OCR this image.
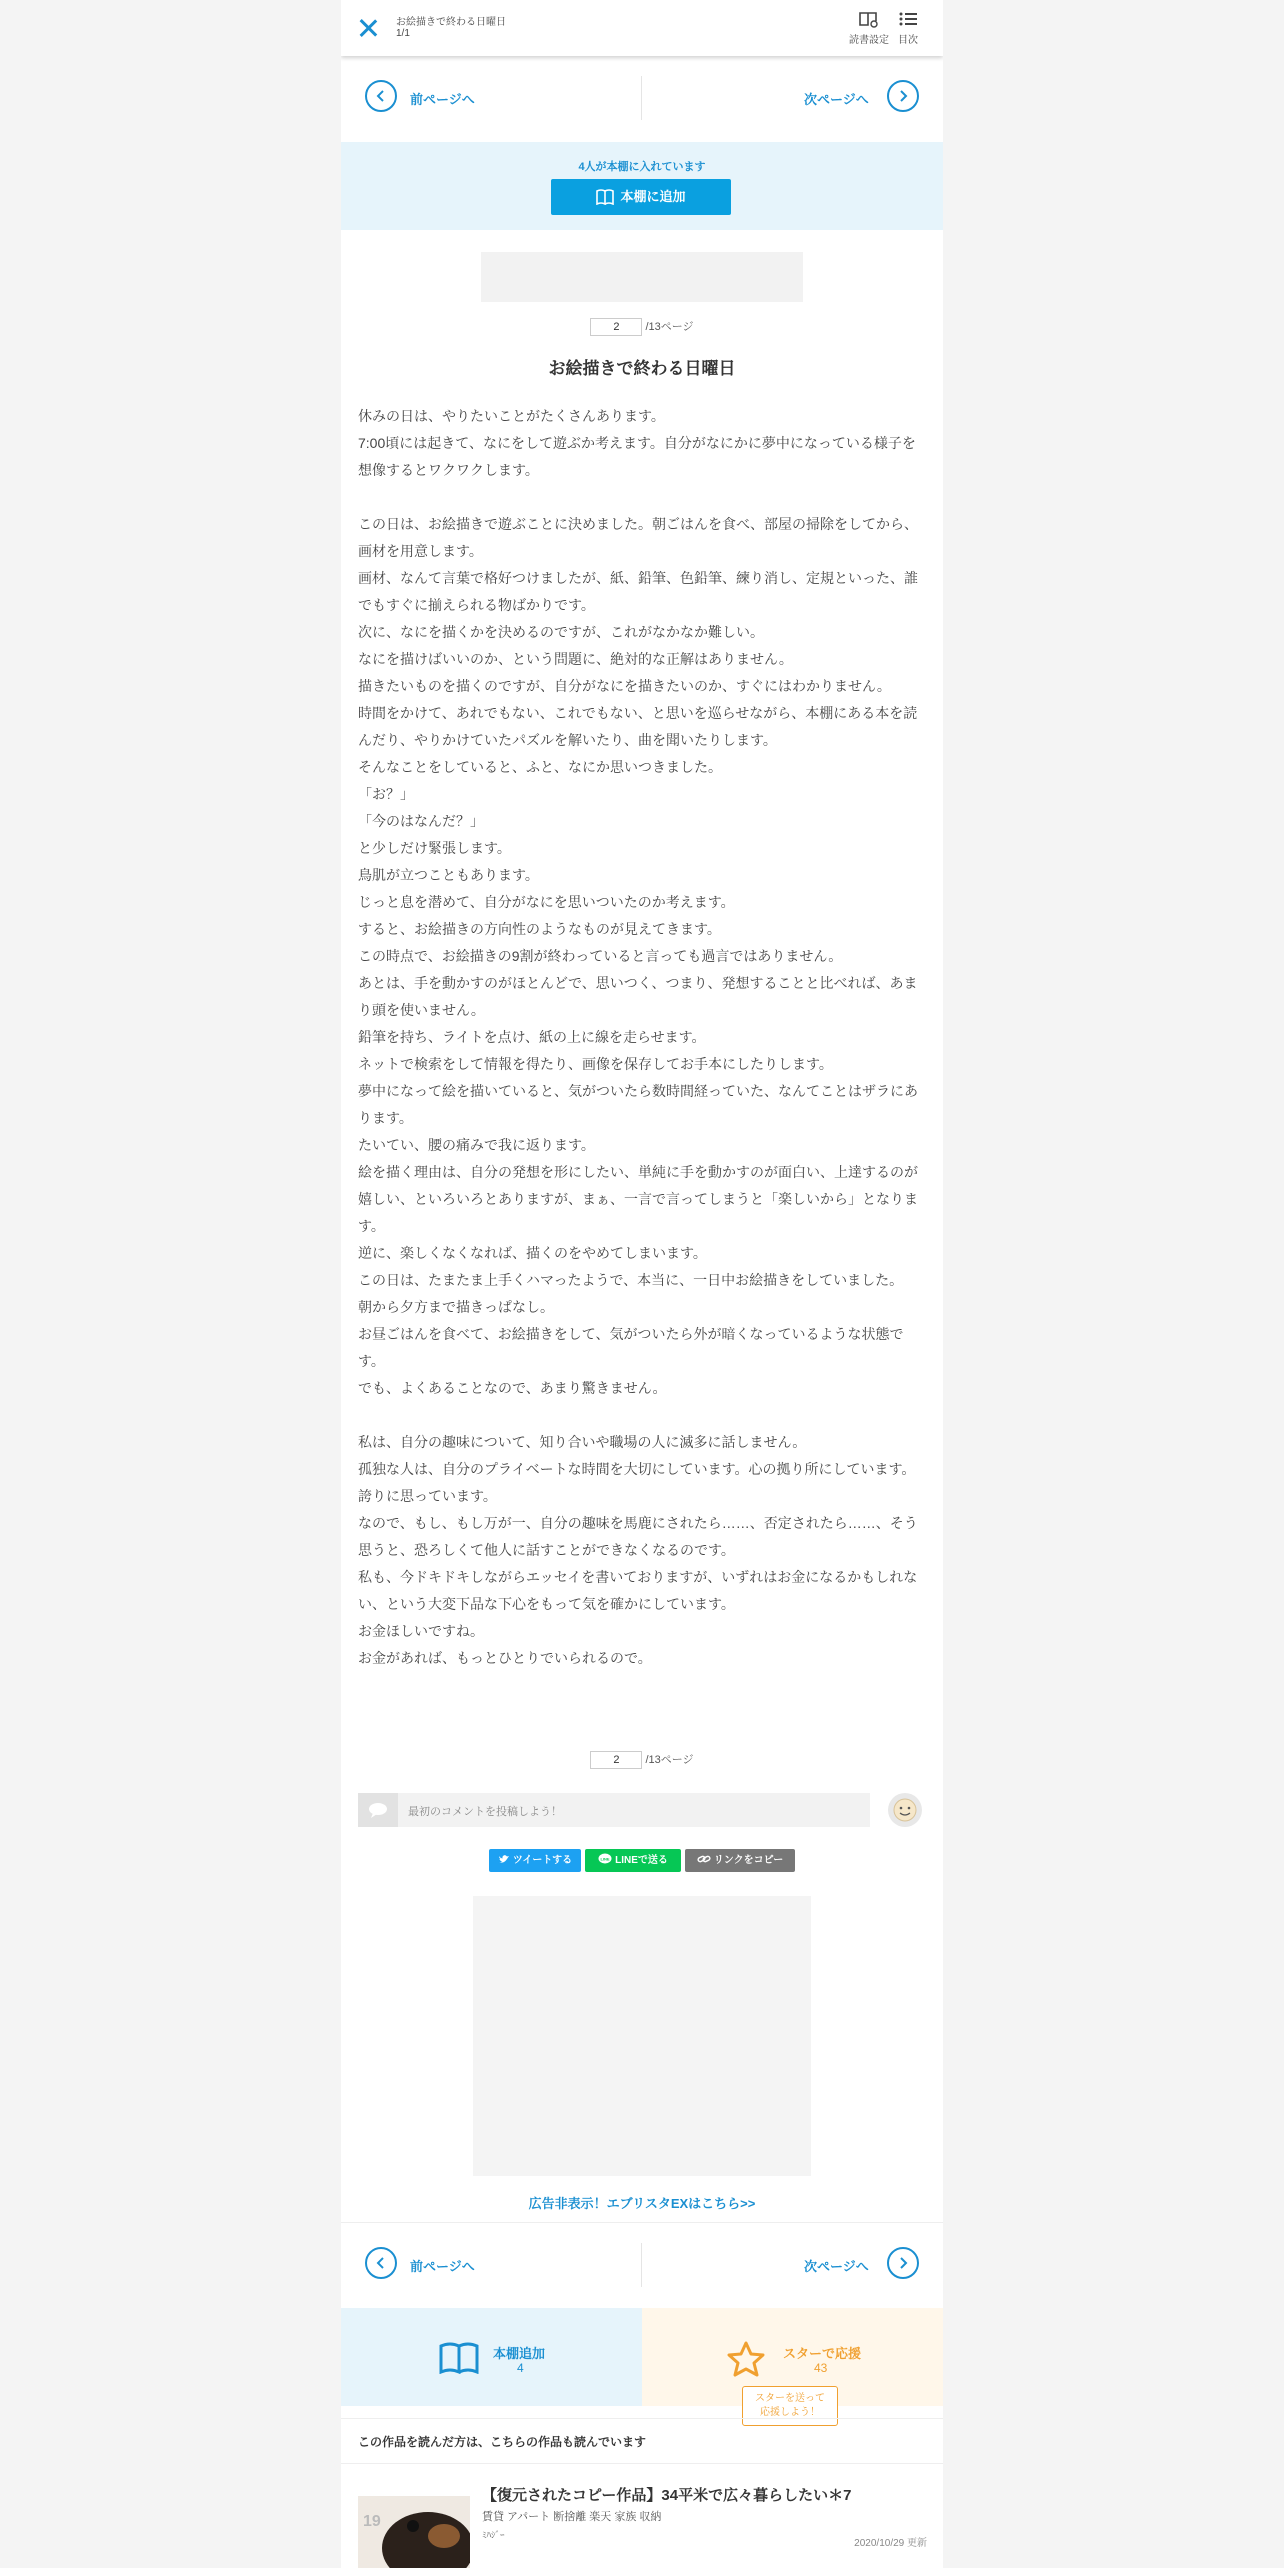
お絵描きで終わる日曜日
1/1
読書設定 目次
前ページへ	次ページへ
4人が本棚に入れています
本棚に追加
2 /13ページ
お絵描きで終わる日曜日
休みの日は、やりたいことがたくさんあります。
7:00頃には起きて、なにをして遊ぶか考えます。自分がなにかに夢中になっている様子を想像するとワクワクします。

この日は、お絵描きで遊ぶことに決めました。朝ごはんを食べ、部屋の掃除をしてから、画材を用意します。
画材、なんて言葉で格好つけましたが、紙、鉛筆、色鉛筆、練り消し、定規といった、誰でもすぐに揃えられる物ばかりです。
次に、なにを描くかを決めるのですが、これがなかなか難しい。
なにを描けばいいのか、という問題に、絶対的な正解はありません。
描きたいものを描くのですが、自分がなにを描きたいのか、すぐにはわかりません。
時間をかけて、あれでもない、これでもない、と思いを巡らせながら、本棚にある本を読んだり、やりかけていたパズルを解いたり、曲を聞いたりします。
そんなことをしていると、ふと、なにか思いつきました。
「お？」
「今のはなんだ？」
と少しだけ緊張します。
鳥肌が立つこともあります。
じっと息を潜めて、自分がなにを思いついたのか考えます。
すると、お絵描きの方向性のようなものが見えてきます。
この時点で、お絵描きの9割が終わっていると言っても過言ではありません。
あとは、手を動かすのがほとんどで、思いつく、つまり、発想することと比べれば、あまり頭を使いません。
鉛筆を持ち、ライトを点け、紙の上に線を走らせます。
ネットで検索をして情報を得たり、画像を保存してお手本にしたりします。
夢中になって絵を描いていると、気がついたら数時間経っていた、なんてことはザラにあります。
たいてい、腰の痛みで我に返ります。
絵を描く理由は、自分の発想を形にしたい、単純に手を動かすのが面白い、上達するのが嬉しい、といろいろとありますが、まぁ、一言で言ってしまうと「楽しいから」となります。
逆に、楽しくなくなれば、描くのをやめてしまいます。
この日は、たまたま上手くハマったようで、本当に、一日中お絵描きをしていました。
朝から夕方まで描きっぱなし。
お昼ごはんを食べて、お絵描きをして、気がついたら外が暗くなっているような状態です。
でも、よくあることなので、あまり驚きません。

私は、自分の趣味について、知り合いや職場の人に滅多に話しません。
孤独な人は、自分のプライベートな時間を大切にしています。心の拠り所にしています。誇りに思っています。
なので、もし、もし万が一、自分の趣味を馬鹿にされたら……、否定されたら……、そう思うと、恐ろしくて他人に話すことができなくなるのです。
私も、今ドキドキしながらエッセイを書いておりますが、いずれはお金になるかもしれない、という大変下品な下心をもって気を確かにしています。
お金ほしいですね。
お金があれば、もっとひとりでいられるので。
2 /13ページ
最初のコメントを投稿しよう！
ツイートする	LINE LINEで送る	リンクをコピー
広告非表示！エブリスタEXはこちら>>
前ページへ	次ページへ
本棚追加
4
スターで応援
43
スターを送って
応援しよう！
この作品を読んだ方は、こちらの作品も読んでいます
19
【復元されたコピー作品】34平米で広々暮らしたい＊7
賃貸 アパート 断捨離 楽天 家族 収納
ﾐﾊｼﾞｰ
2020/10/29 更新
